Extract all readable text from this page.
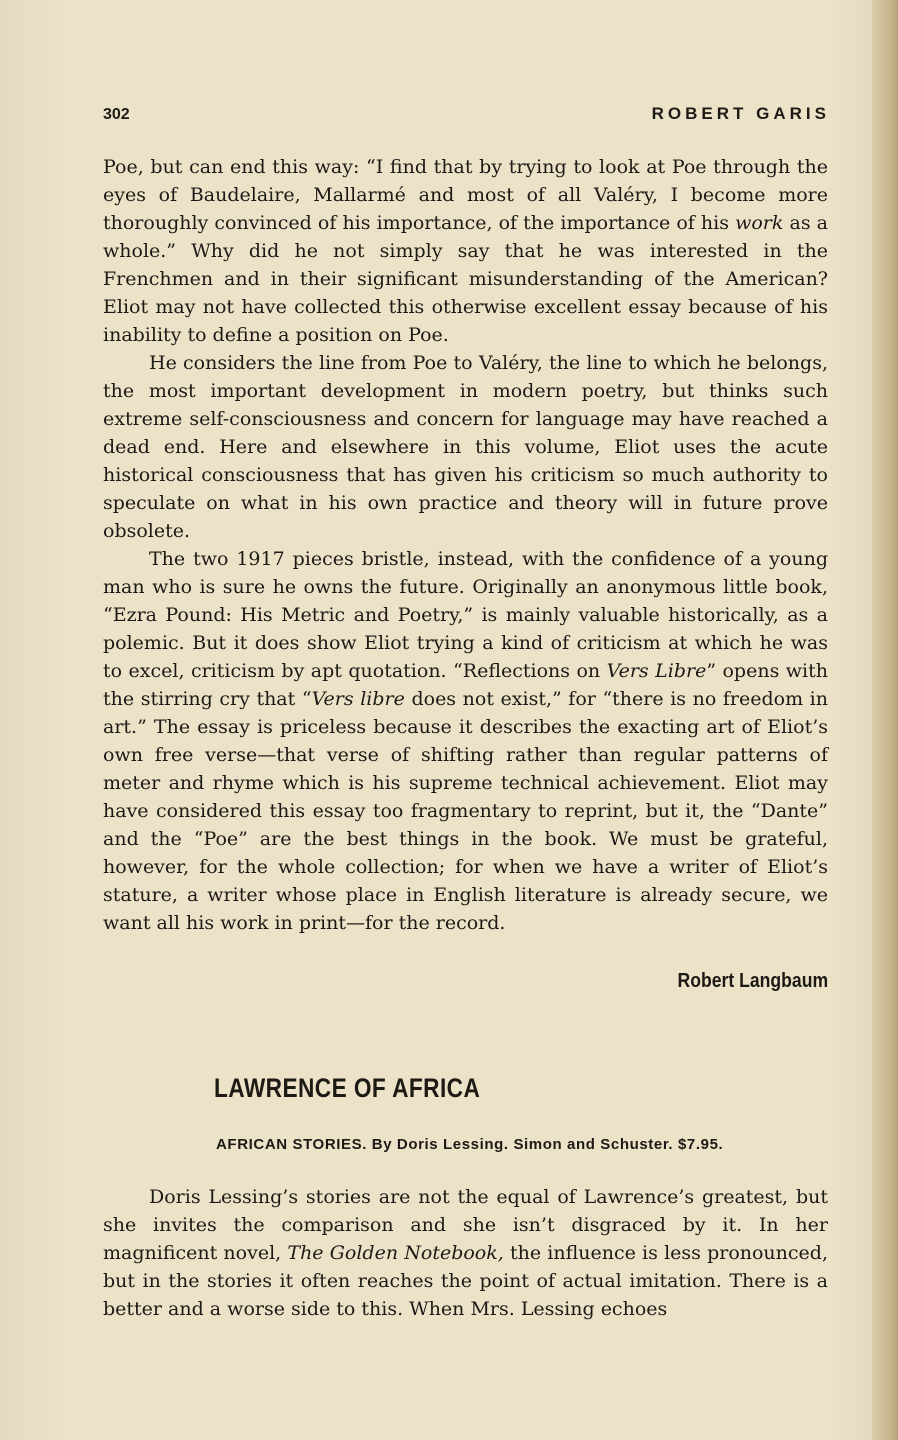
302	ROBERT GARIS

Poe, but can end this way: “I find that by trying to look at Poe through the eyes of Baudelaire, Mallarmé and most of all Valéry, I become more thoroughly convinced of his importance, of the importance of his work as a whole.” Why did he not simply say that he was interested in the Frenchmen and in their significant misunderstanding of the American? Eliot may not have collected this otherwise excellent essay because of his inability to define a position on Poe.

He considers the line from Poe to Valéry, the line to which he belongs, the most important development in modern poetry, but thinks such extreme self-consciousness and concern for language may have reached a dead end. Here and elsewhere in this volume, Eliot uses the acute historical consciousness that has given his criticism so much authority to speculate on what in his own practice and theory will in future prove obsolete.

The two 1917 pieces bristle, instead, with the confidence of a young man who is sure he owns the future. Originally an anonymous little book, “Ezra Pound: His Metric and Poetry,” is mainly valuable historically, as a polemic. But it does show Eliot trying a kind of criticism at which he was to excel, criticism by apt quotation. “Reflections on Vers Libre” opens with the stirring cry that “Vers libre does not exist,” for “there is no freedom in art.” The essay is priceless because it describes the exacting art of Eliot’s own free verse—that verse of shifting rather than regular patterns of meter and rhyme which is his supreme technical achievement. Eliot may have considered this essay too fragmentary to reprint, but it, the “Dante” and the “Poe” are the best things in the book. We must be grateful, however, for the whole collection; for when we have a writer of Eliot’s stature, a writer whose place in English literature is already secure, we want all his work in print—for the record.

Robert Langbaum
LAWRENCE OF AFRICA
AFRICAN STORIES. By Doris Lessing. Simon and Schuster. $7.95.

Doris Lessing’s stories are not the equal of Lawrence’s greatest, but she invites the comparison and she isn’t disgraced by it. In her magnificent novel, The Golden Notebook, the influence is less pronounced, but in the stories it often reaches the point of actual imitation. There is a better and a worse side to this. When Mrs. Lessing echoes
